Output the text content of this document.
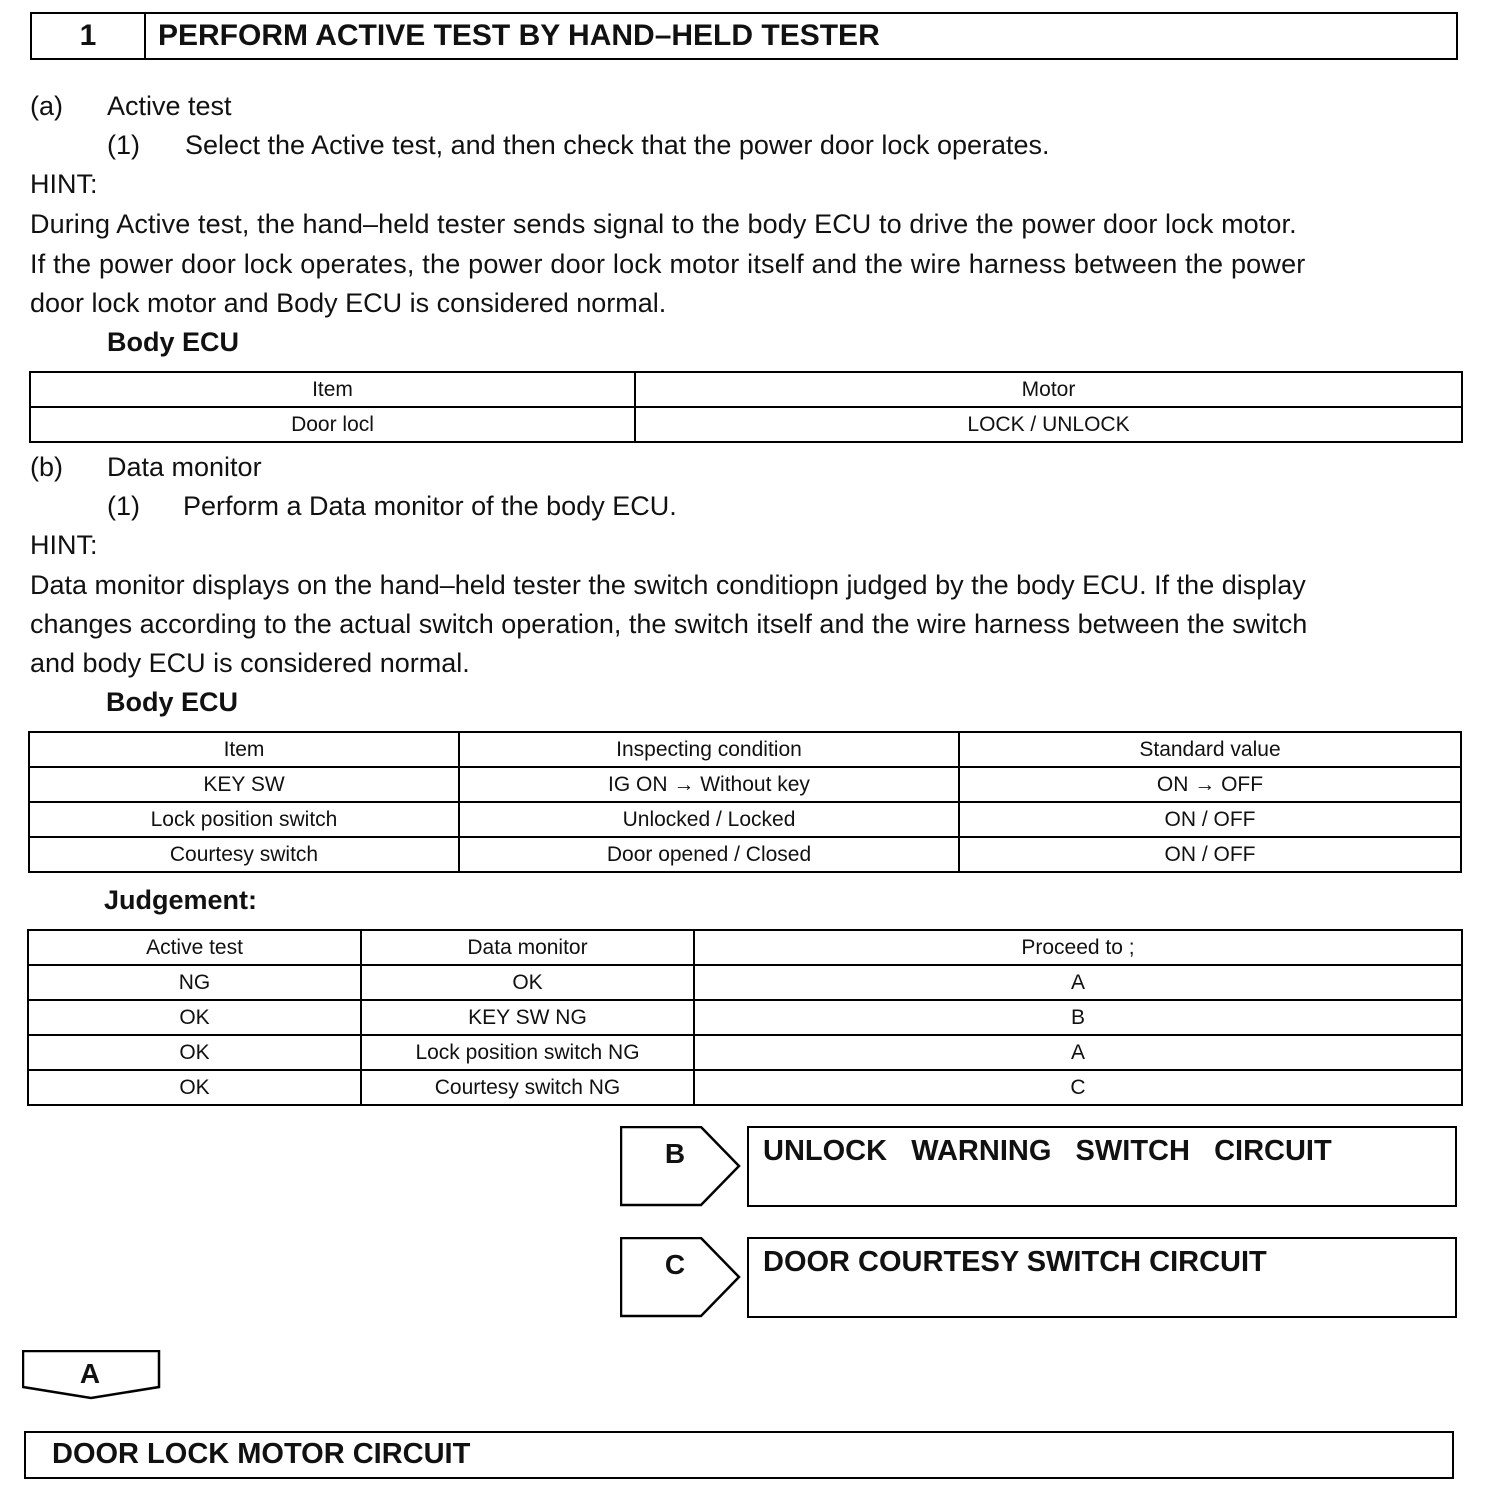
1	PERFORM ACTIVE TEST BY HAND–HELD TESTER
(a) Active test
(1) Select the Active test, and then check that the power door lock operates.
HINT:
During Active test, the hand–held tester sends signal to the body ECU to drive the power door lock motor.
If the power door lock operates, the power door lock motor itself and the wire harness between the power
door lock motor and Body ECU is considered normal.
Body ECU
Item	Motor
Door locl	LOCK / UNLOCK
(b) Data monitor
(1) Perform a Data monitor of the body ECU.
HINT:
Data monitor displays on the hand–held tester the switch conditiopn judged by the body ECU. If the display
changes according to the actual switch operation, the switch itself and the wire harness between the switch
and body ECU is considered normal.
Body ECU
Item	Inspecting condition	Standard value
KEY SW	IG ON → Without key	ON → OFF
Lock position switch	Unlocked / Locked	ON / OFF
Courtesy switch	Door opened / Closed	ON / OFF
Judgement:
Active test	Data monitor	Proceed to ;
NG	OK	A
OK	KEY SW NG	B
OK	Lock position switch NG	A
OK	Courtesy switch NG	C
B	UNLOCK   WARNING   SWITCH   CIRCUIT
C	DOOR COURTESY SWITCH CIRCUIT
A
DOOR LOCK MOTOR CIRCUIT
